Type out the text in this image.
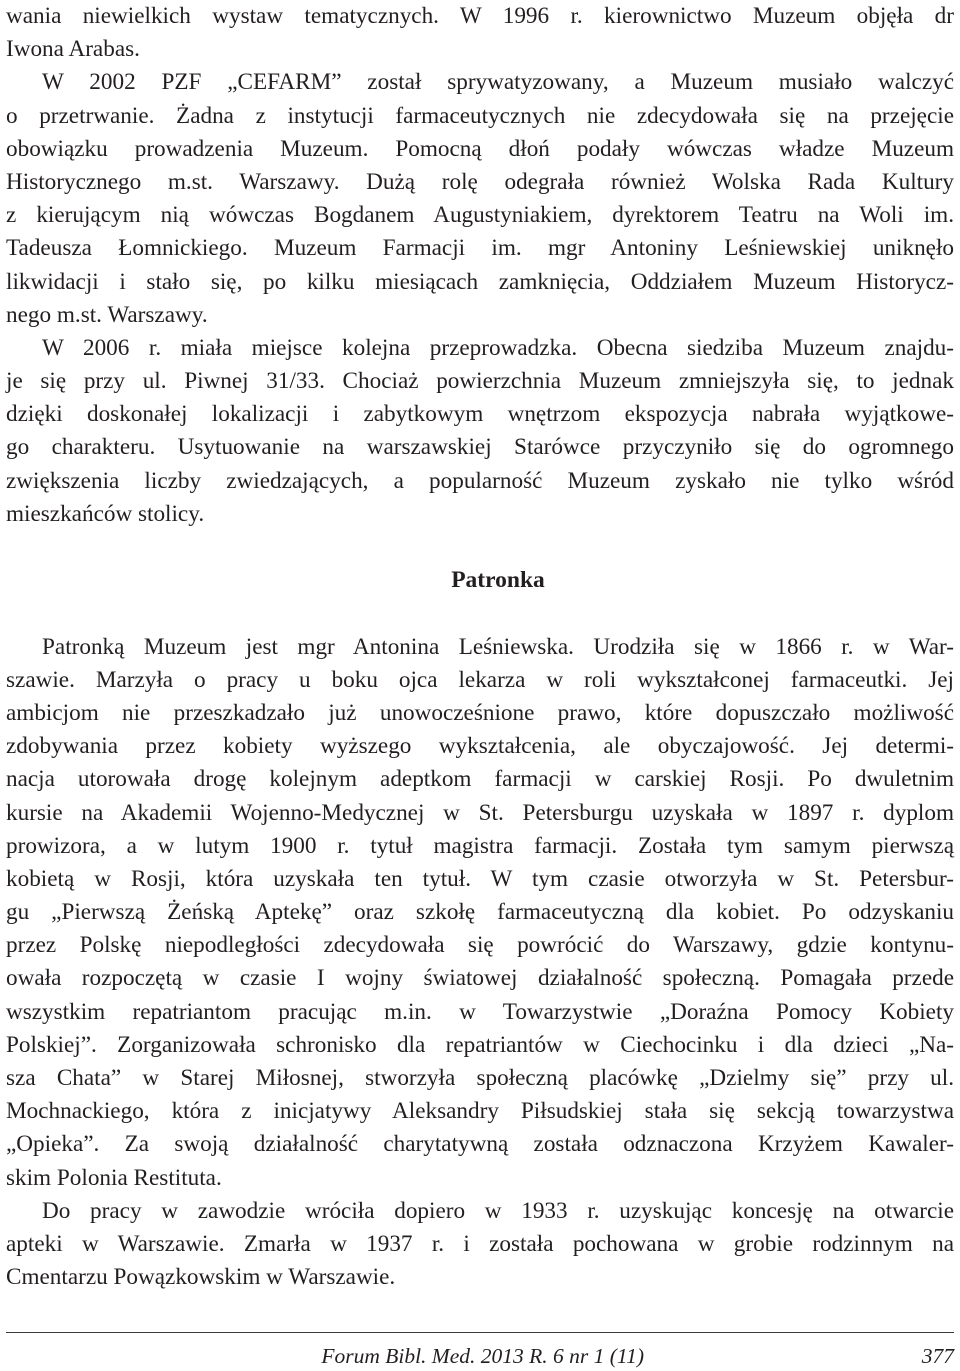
wania niewielkich wystaw tematycznych. W 1996 r. kierownictwo Muzeum objęła dr
Iwona Arabas.
W 2002 PZF „CEFARM” został sprywatyzowany, a Muzeum musiało walczyć
o przetrwanie. Żadna z instytucji farmaceutycznych nie zdecydowała się na przejęcie
obowiązku prowadzenia Muzeum. Pomocną dłoń podały wówczas władze Muzeum
Historycznego m.st. Warszawy. Dużą rolę odegrała również Wolska Rada Kultury
z kierującym nią wówczas Bogdanem Augustyniakiem, dyrektorem Teatru na Woli im.
Tadeusza Łomnickiego. Muzeum Farmacji im. mgr Antoniny Leśniewskiej uniknęło
likwidacji i stało się, po kilku miesiącach zamknięcia, Oddziałem Muzeum Historycz-
nego m.st. Warszawy.
W 2006 r. miała miejsce kolejna przeprowadzka. Obecna siedziba Muzeum znajdu-
je się przy ul. Piwnej 31/33. Chociaż powierzchnia Muzeum zmniejszyła się, to jednak
dzięki doskonałej lokalizacji i zabytkowym wnętrzom ekspozycja nabrała wyjątkowe-
go charakteru. Usytuowanie na warszawskiej Starówce przyczyniło się do ogromnego
zwiększenia liczby zwiedzających, a popularność Muzeum zyskało nie tylko wśród
mieszkańców stolicy.
Patronka
Patronką Muzeum jest mgr Antonina Leśniewska. Urodziła się w 1866 r. w War-
szawie. Marzyła o pracy u boku ojca lekarza w roli wykształconej farmaceutki. Jej
ambicjom nie przeszkadzało już unowocześnione prawo, które dopuszczało możliwość
zdobywania przez kobiety wyższego wykształcenia, ale obyczajowość. Jej determi-
nacja utorowała drogę kolejnym adeptkom farmacji w carskiej Rosji. Po dwuletnim
kursie na Akademii Wojenno-Medycznej w St. Petersburgu uzyskała w 1897 r. dyplom
prowizora, a w lutym 1900 r. tytuł magistra farmacji. Została tym samym pierwszą
kobietą w Rosji, która uzyskała ten tytuł. W tym czasie otworzyła w St. Petersbur-
gu „Pierwszą Żeńską Aptekę” oraz szkołę farmaceutyczną dla kobiet. Po odzyskaniu
przez Polskę niepodległości zdecydowała się powrócić do Warszawy, gdzie kontynu-
owała rozpoczętą w czasie I wojny światowej działalność społeczną. Pomagała przede
wszystkim repatriantom pracując m.in. w Towarzystwie „Doraźna Pomocy Kobiety
Polskiej”. Zorganizowała schronisko dla repatriantów w Ciechocinku i dla dzieci „Na-
sza Chata” w Starej Miłosnej, stworzyła społeczną placówkę „Dzielmy się” przy ul.
Mochnackiego, która z inicjatywy Aleksandry Piłsudskiej stała się sekcją towarzystwa
„Opieka”. Za swoją działalność charytatywną została odznaczona Krzyżem Kawaler-
skim Polonia Restituta.
Do pracy w zawodzie wróciła dopiero w 1933 r. uzyskując koncesję na otwarcie
apteki w Warszawie. Zmarła w 1937 r. i została pochowana w grobie rodzinnym na
Cmentarzu Powązkowskim w Warszawie.
Forum Bibl. Med. 2013 R. 6 nr 1 (11)	377
